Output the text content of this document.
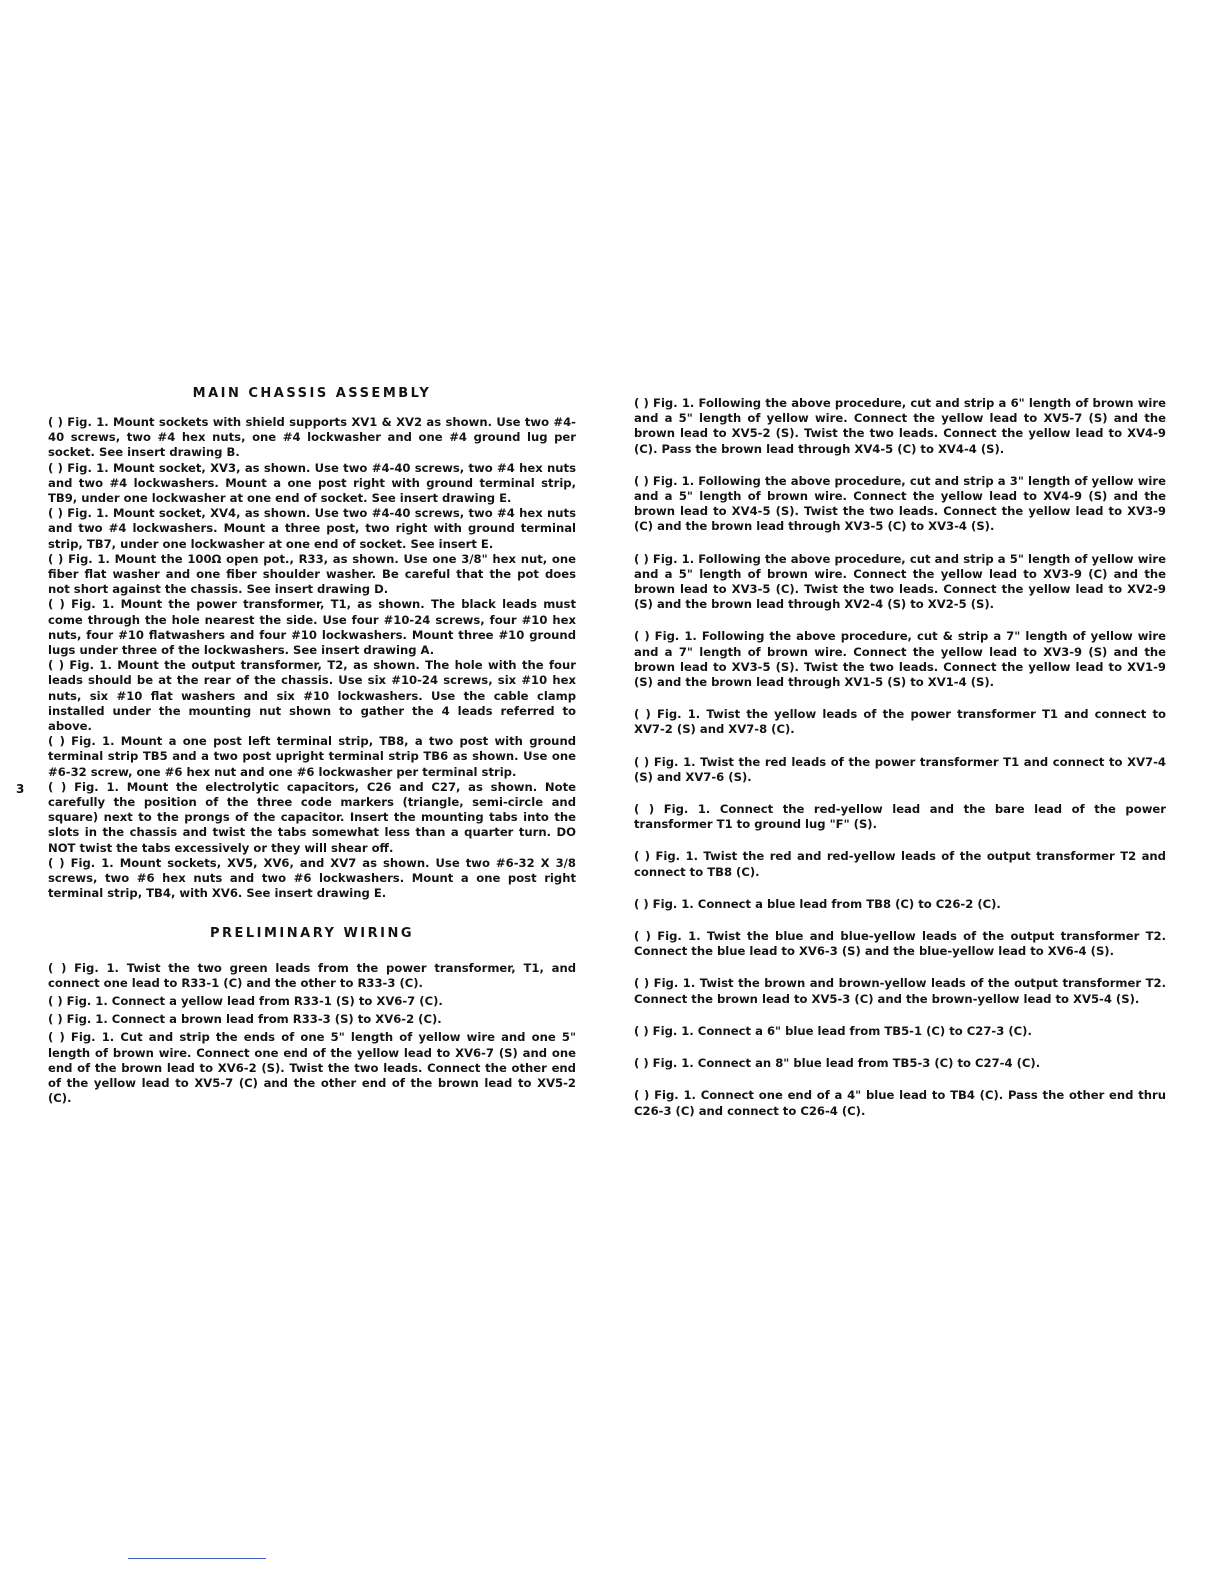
3
MAIN CHASSIS ASSEMBLY

( ) Fig. 1. Mount sockets with shield supports XV1 & XV2 as shown. Use two #4-40 screws, two #4 hex nuts, one #4 lockwasher and one #4 ground lug per socket. See insert drawing B.

( ) Fig. 1. Mount socket, XV3, as shown. Use two #4-40 screws, two #4 hex nuts and two #4 lockwashers. Mount a one post right with ground terminal strip, TB9, under one lockwasher at one end of socket. See insert drawing E.

( ) Fig. 1. Mount socket, XV4, as shown. Use two #4-40 screws, two #4 hex nuts and two #4 lockwashers. Mount a three post, two right with ground terminal strip, TB7, under one lockwasher at one end of socket. See insert E.

( ) Fig. 1. Mount the 100Ω open pot., R33, as shown. Use one 3/8" hex nut, one fiber flat washer and one fiber shoulder washer. Be careful that the pot does not short against the chassis. See insert drawing D.

( ) Fig. 1. Mount the power transformer, T1, as shown. The black leads must come through the hole nearest the side. Use four #10-24 screws, four #10 hex nuts, four #10 flatwashers and four #10 lockwashers. Mount three #10 ground lugs under three of the lockwashers. See insert drawing A.

( ) Fig. 1. Mount the output transformer, T2, as shown. The hole with the four leads should be at the rear of the chassis. Use six #10-24 screws, six #10 hex nuts, six #10 flat washers and six #10 lockwashers. Use the cable clamp installed under the mounting nut shown to gather the 4 leads referred to above.

( ) Fig. 1. Mount a one post left terminal strip, TB8, a two post with ground terminal strip TB5 and a two post upright terminal strip TB6 as shown. Use one #6-32 screw, one #6 hex nut and one #6 lockwasher per terminal strip.

( ) Fig. 1. Mount the electrolytic capacitors, C26 and C27, as shown. Note carefully the position of the three code markers (triangle, semi-circle and square) next to the prongs of the capacitor. Insert the mounting tabs into the slots in the chassis and twist the tabs somewhat less than a quarter turn. DO NOT twist the tabs excessively or they will shear off.

( ) Fig. 1. Mount sockets, XV5, XV6, and XV7 as shown. Use two #6-32 X 3/8 screws, two #6 hex nuts and two #6 lockwashers. Mount a one post right terminal strip, TB4, with XV6. See insert drawing E.

PRELIMINARY WIRING

( ) Fig. 1. Twist the two green leads from the power transformer, T1, and connect one lead to R33-1 (C) and the other to R33-3 (C).

( ) Fig. 1. Connect a yellow lead from R33-1 (S) to XV6-7 (C).

( ) Fig. 1. Connect a brown lead from R33-3 (S) to XV6-2 (C).

( ) Fig. 1. Cut and strip the ends of one 5" length of yellow wire and one 5" length of brown wire. Connect one end of the yellow lead to XV6-7 (S) and one end of the brown lead to XV6-2 (S). Twist the two leads. Connect the other end of the yellow lead to XV5-7 (C) and the other end of the brown lead to XV5-2 (C).

( ) Fig. 1. Following the above procedure, cut and strip a 6" length of brown wire and a 5" length of yellow wire. Connect the yellow lead to XV5-7 (S) and the brown lead to XV5-2 (S). Twist the two leads. Connect the yellow lead to XV4-9 (C). Pass the brown lead through XV4-5 (C) to XV4-4 (S).

( ) Fig. 1. Following the above procedure, cut and strip a 3" length of yellow wire and a 5" length of brown wire. Connect the yellow lead to XV4-9 (S) and the brown lead to XV4-5 (S). Twist the two leads. Connect the yellow lead to XV3-9 (C) and the brown lead through XV3-5 (C) to XV3-4 (S).

( ) Fig. 1. Following the above procedure, cut and strip a 5" length of yellow wire and a 5" length of brown wire. Connect the yellow lead to XV3-9 (C) and the brown lead to XV3-5 (C). Twist the two leads. Connect the yellow lead to XV2-9 (S) and the brown lead through XV2-4 (S) to XV2-5 (S).

( ) Fig. 1. Following the above procedure, cut & strip a 7" length of yellow wire and a 7" length of brown wire. Connect the yellow lead to XV3-9 (S) and the brown lead to XV3-5 (S). Twist the two leads. Connect the yellow lead to XV1-9 (S) and the brown lead through XV1-5 (S) to XV1-4 (S).

( ) Fig. 1. Twist the yellow leads of the power transformer T1 and connect to XV7-2 (S) and XV7-8 (C).

( ) Fig. 1. Twist the red leads of the power transformer T1 and connect to XV7-4 (S) and XV7-6 (S).

( ) Fig. 1. Connect the red-yellow lead and the bare lead of the power transformer T1 to ground lug "F" (S).

( ) Fig. 1. Twist the red and red-yellow leads of the output transformer T2 and connect to TB8 (C).

( ) Fig. 1. Connect a blue lead from TB8 (C) to C26-2 (C).

( ) Fig. 1. Twist the blue and blue-yellow leads of the output transformer T2. Connect the blue lead to XV6-3 (S) and the blue-yellow lead to XV6-4 (S).

( ) Fig. 1. Twist the brown and brown-yellow leads of the output transformer T2. Connect the brown lead to XV5-3 (C) and the brown-yellow lead to XV5-4 (S).

( ) Fig. 1. Connect a 6" blue lead from TB5-1 (C) to C27-3 (C).

( ) Fig. 1. Connect an 8" blue lead from TB5-3 (C) to C27-4 (C).

( ) Fig. 1. Connect one end of a 4" blue lead to TB4 (C). Pass the other end thru C26-3 (C) and connect to C26-4 (C).
